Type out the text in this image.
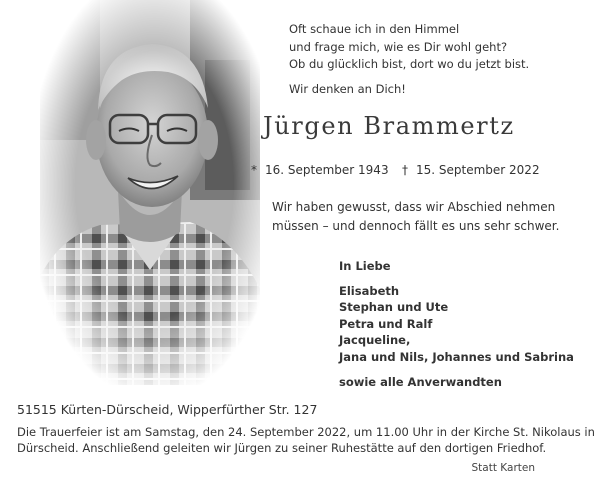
Oft schaue ich in den Himmel
und frage mich, wie es Dir wohl geht?
Ob du glücklich bist, dort wo du jetzt bist.
Wir denken an Dich!
Jürgen Brammertz
* 16. September 1943 † 15. September 2022
Wir haben gewusst, dass wir Abschied nehmen
müssen – und dennoch fällt es uns sehr schwer.
In Liebe
Elisabeth
Stephan und Ute
Petra und Ralf
Jacqueline,
Jana und Nils, Johannes und Sabrina
sowie alle Anverwandten
51515 Kürten-Dürscheid, Wipperfürther Str. 127
Die Trauerfeier ist am Samstag, den 24. September 2022, um 11.00 Uhr in der Kirche St. Nikolaus in
Dürscheid. Anschließend geleiten wir Jürgen zu seiner Ruhestätte auf den dortigen Friedhof.
Statt Karten
